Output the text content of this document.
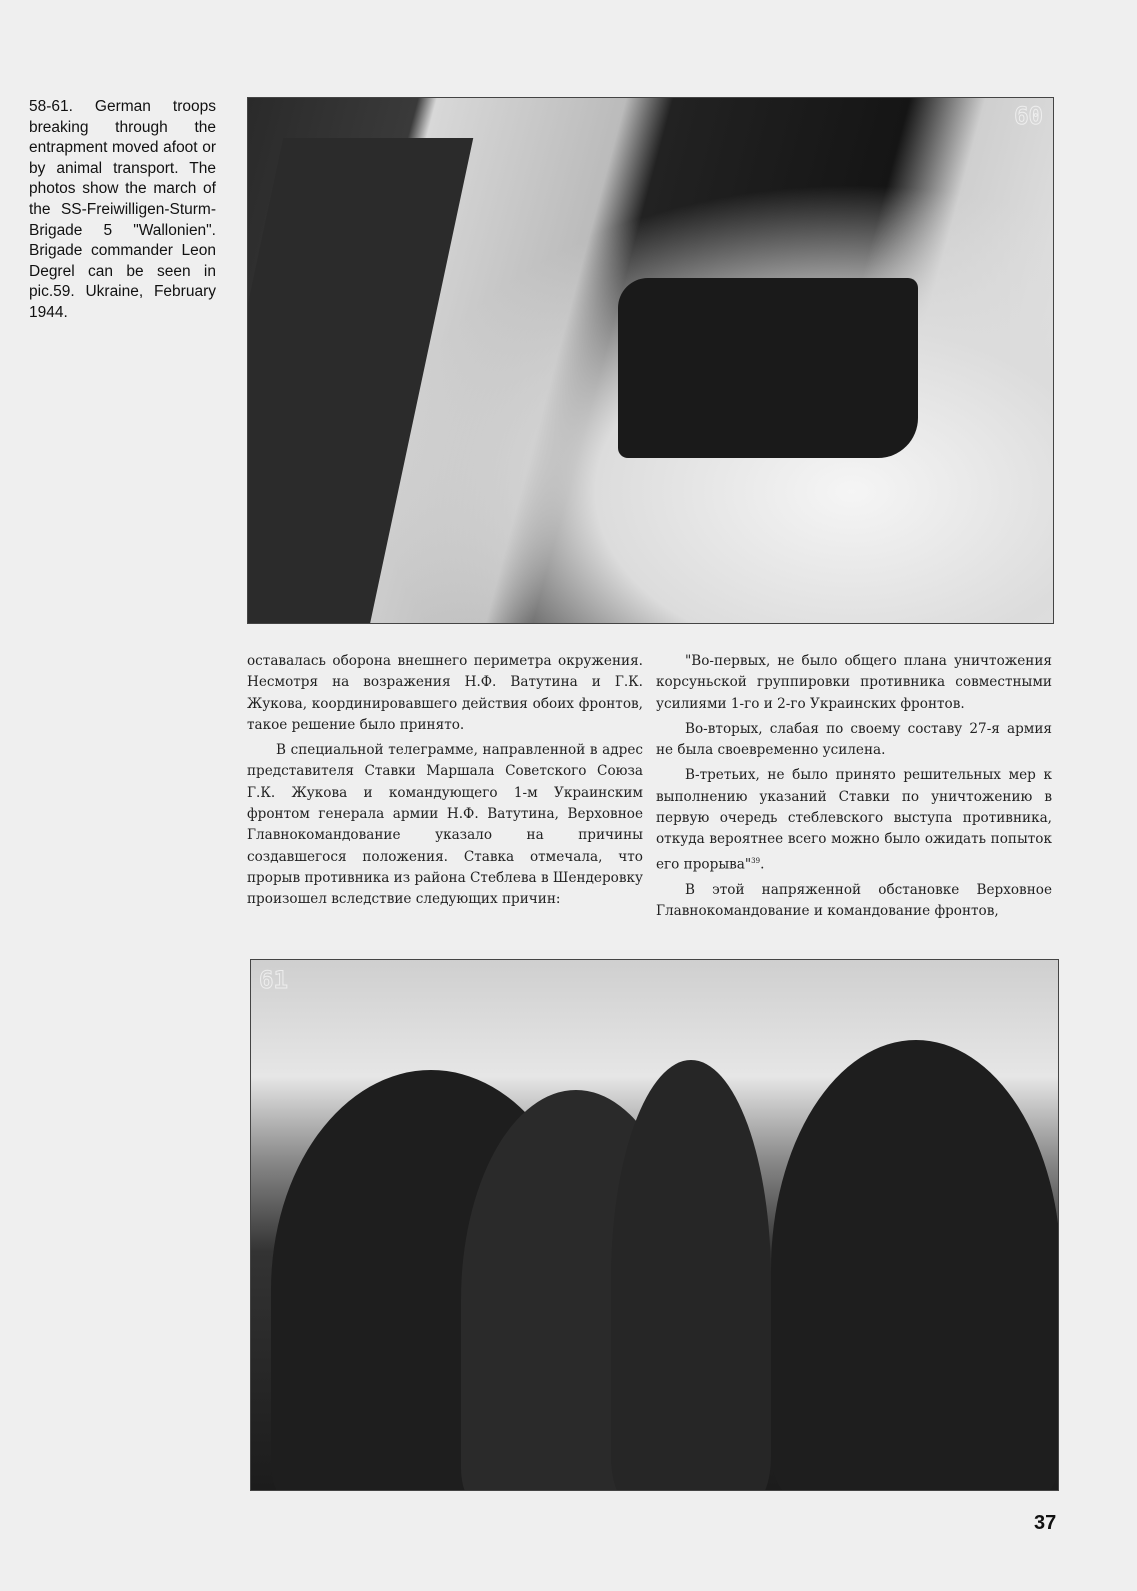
58-61. German troops breaking through the entrapment moved afoot or by animal transport. The photos show the march of the SS-Freiwilligen-Sturm-Brigade 5 "Wallonien". Brigade commander Leon Degrel can be seen in pic.59. Ukraine, February 1944.
60

оставалась оборона внешнего периметра окружения. Несмотря на возражения Н.Ф. Ватутина и Г.К. Жукова, координировавшего действия обоих фронтов, такое решение было принято.

В специальной телеграмме, направленной в адрес представителя Ставки Маршала Советского Союза Г.К. Жукова и командующего 1-м Украинским фронтом генерала армии Н.Ф. Ватутина, Верховное Главнокомандование указало на причины создавшегося положения. Ставка отмечала, что прорыв противника из района Стеблева в Шендеровку произошел вследствие следующих причин:

"Во-первых, не было общего плана уничтожения корсуньской группировки противника совместными усилиями 1-го и 2-го Украинских фронтов.

Во-вторых, слабая по своему составу 27-я армия не была своевременно усилена.

В-третьих, не было принято решительных мер к выполнению указаний Ставки по уничтожению в первую очередь стеблевского выступа противника, откуда вероятнее всего можно было ожидать попыток его прорыва"$^{39}$.

В этой напряженной обстановке Верховное Главнокомандование и командование фронтов,

61
37
